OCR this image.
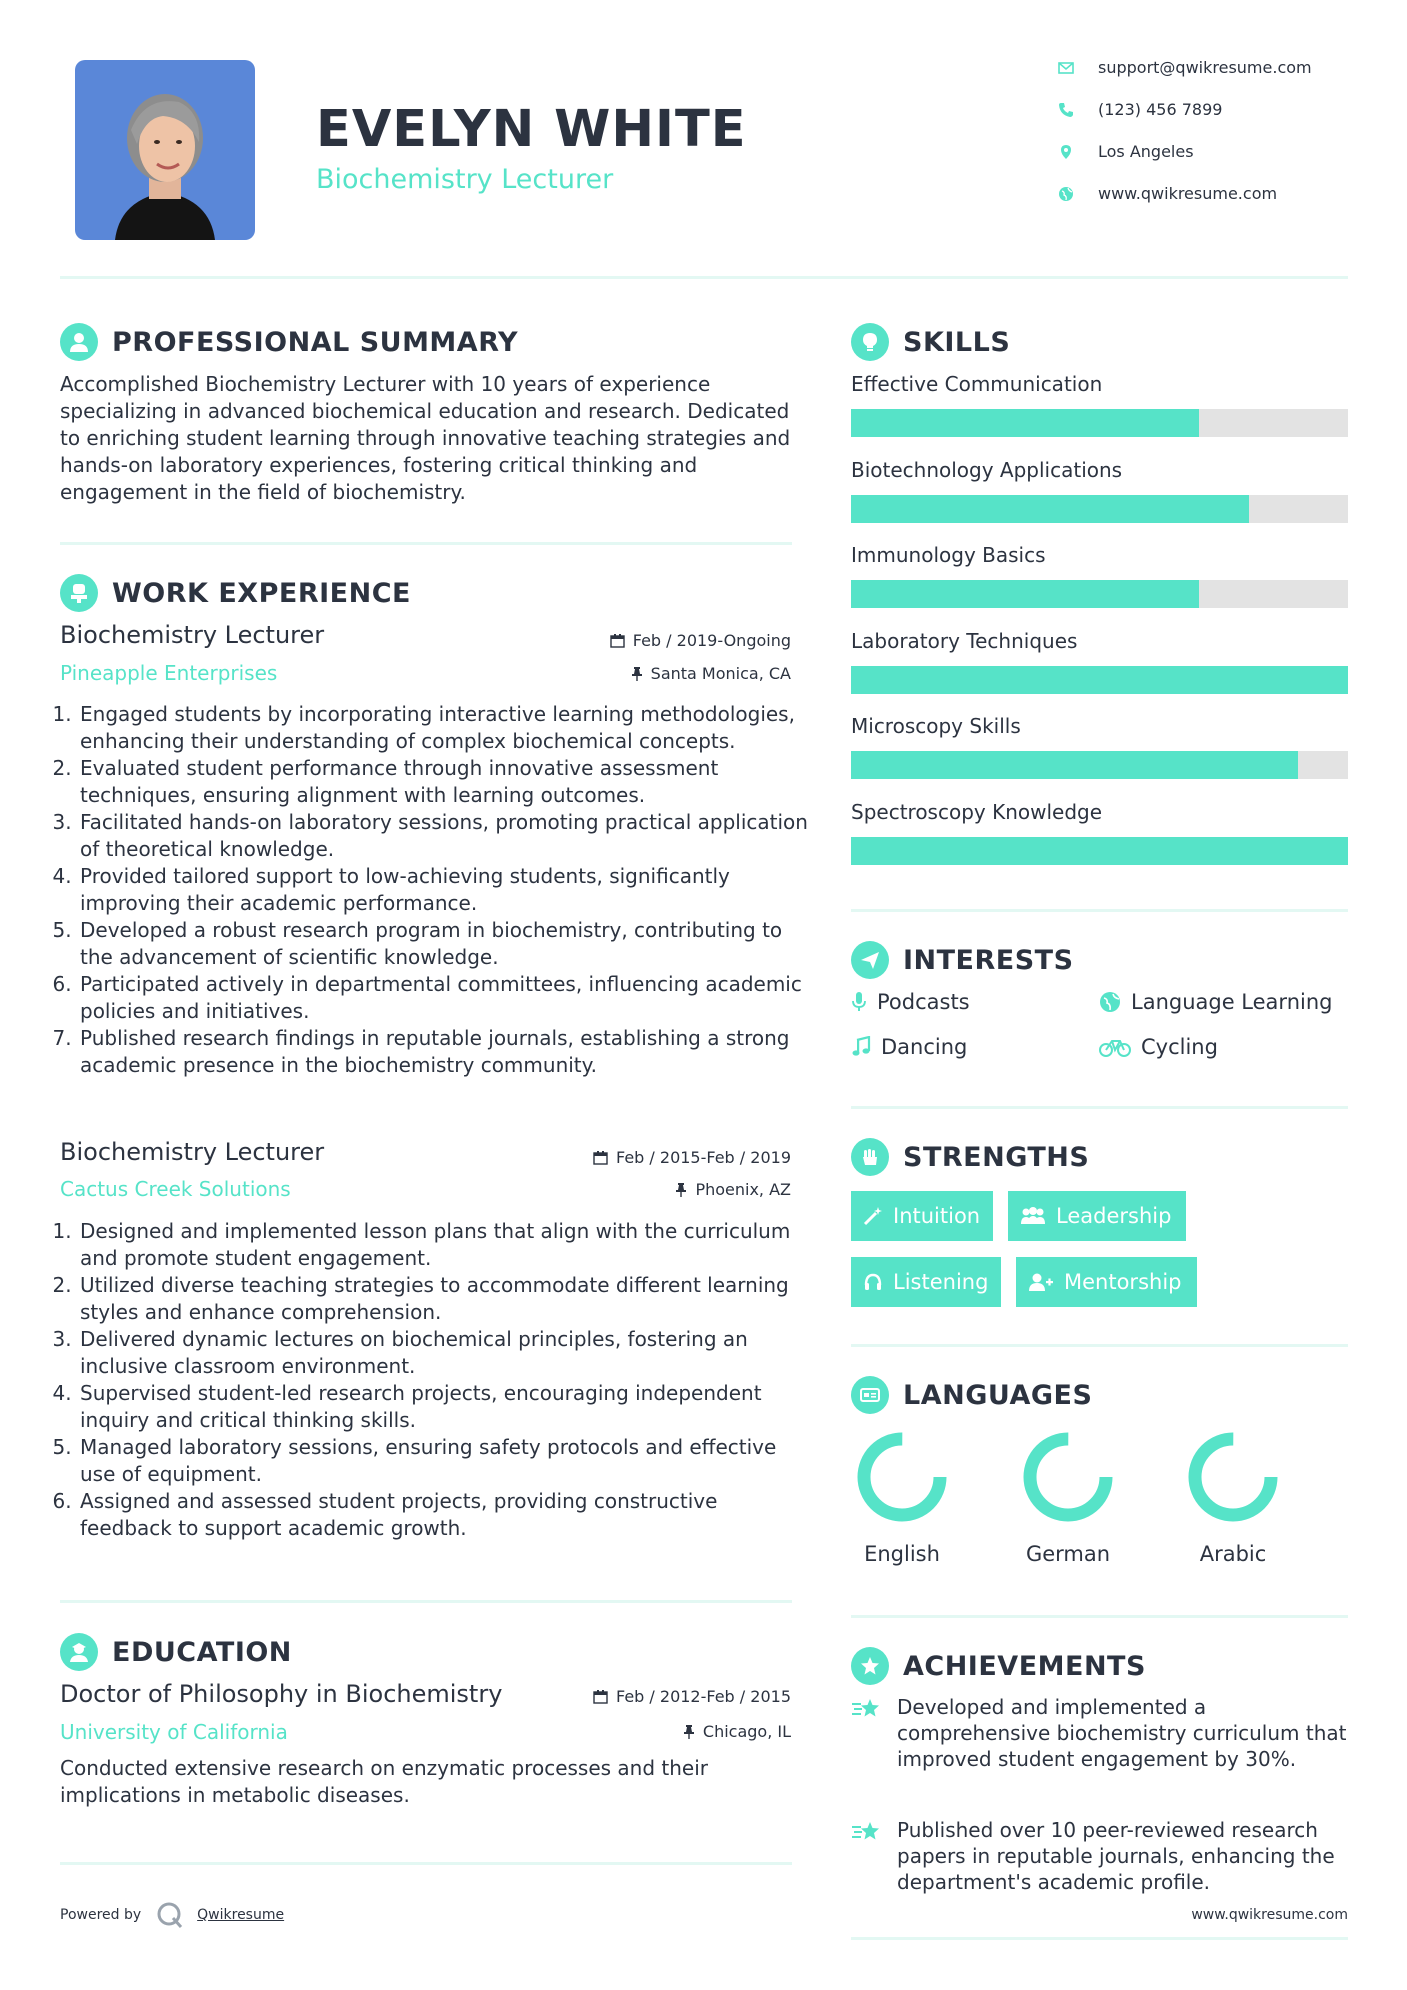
EVELYN WHITE
Biochemistry Lecturer
support@qwikresume.com
(123) 456 7899
Los Angeles
www.qwikresume.com
PROFESSIONAL SUMMARY
Accomplished Biochemistry Lecturer with 10 years of experience specializing in advanced biochemical education and research. Dedicated to enriching student learning through innovative teaching strategies and hands-on laboratory experiences, fostering critical thinking and engagement in the field of biochemistry.
WORK EXPERIENCE
Biochemistry Lecturer	Feb / 2019-Ongoing
Pineapple Enterprises	Santa Monica, CA
1. Engaged students by incorporating interactive learning methodologies, enhancing their understanding of complex biochemical concepts.
2. Evaluated student performance through innovative assessment techniques, ensuring alignment with learning outcomes.
3. Facilitated hands-on laboratory sessions, promoting practical application of theoretical knowledge.
4. Provided tailored support to low-achieving students, significantly improving their academic performance.
5. Developed a robust research program in biochemistry, contributing to the advancement of scientific knowledge.
6. Participated actively in departmental committees, influencing academic policies and initiatives.
7. Published research findings in reputable journals, establishing a strong academic presence in the biochemistry community.
Biochemistry Lecturer	Feb / 2015-Feb / 2019
Cactus Creek Solutions	Phoenix, AZ
1. Designed and implemented lesson plans that align with the curriculum and promote student engagement.
2. Utilized diverse teaching strategies to accommodate different learning styles and enhance comprehension.
3. Delivered dynamic lectures on biochemical principles, fostering an inclusive classroom environment.
4. Supervised student-led research projects, encouraging independent inquiry and critical thinking skills.
5. Managed laboratory sessions, ensuring safety protocols and effective use of equipment.
6. Assigned and assessed student projects, providing constructive feedback to support academic growth.
EDUCATION
Doctor of Philosophy in Biochemistry	Feb / 2012-Feb / 2015
University of California	Chicago, IL
Conducted extensive research on enzymatic processes and their implications in metabolic diseases.
Powered by	Qwikresume
SKILLS
Effective Communication
Biotechnology Applications
Immunology Basics
Laboratory Techniques
Microscopy Skills
Spectroscopy Knowledge
INTERESTS
Podcasts	Language Learning
Dancing	Cycling
STRENGTHS
Intuition	Leadership
Listening	Mentorship
LANGUAGES
English	German	Arabic
ACHIEVEMENTS
Developed and implemented a comprehensive biochemistry curriculum that improved student engagement by 30%.
Published over 10 peer-reviewed research papers in reputable journals, enhancing the department's academic profile.
www.qwikresume.com
